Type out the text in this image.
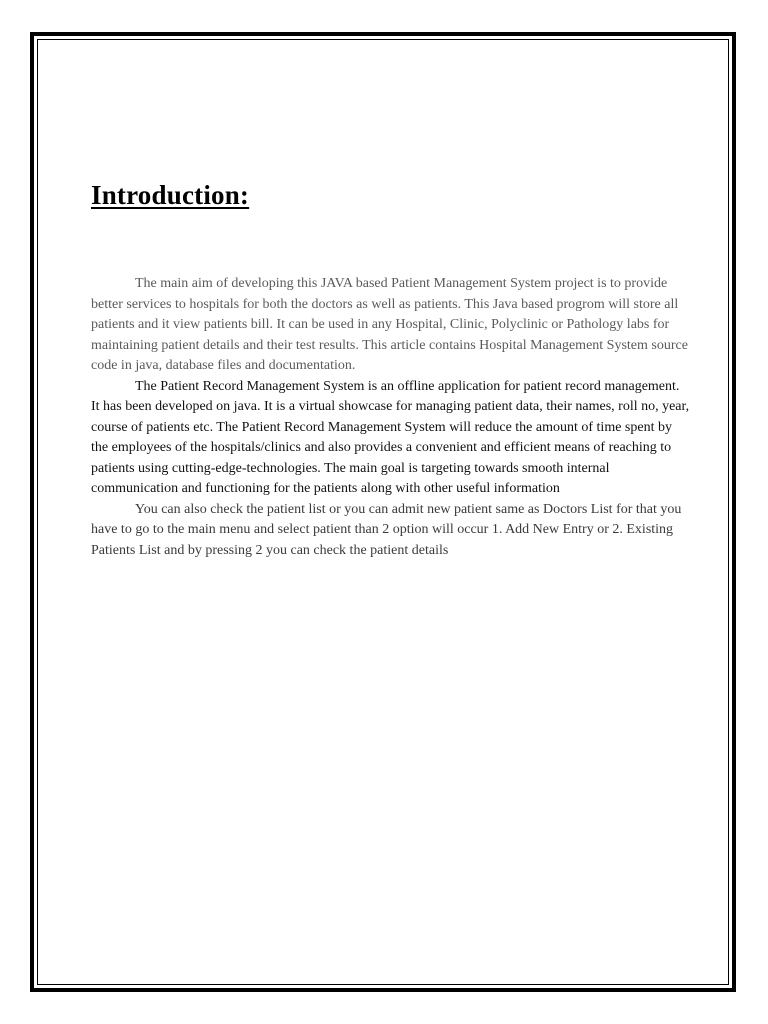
Introduction:

The main aim of developing this JAVA based Patient Management System project is to provide better services to hospitals for both the doctors as well as patients. This Java based progrom will store all patients and it view patients bill. It can be used in any Hospital, Clinic, Polyclinic or Pathology labs for maintaining patient details and their test results. This article contains Hospital Management System source code in java, database files and documentation.

The Patient Record Management System is an offline application for patient record management. It has been developed on java. It is a virtual showcase for managing patient data, their names, roll no, year, course of patients etc. The Patient Record Management System will reduce the amount of time spent by the employees of the hospitals/clinics and also provides a convenient and efficient means of reaching to patients using cutting-edge-technologies. The main goal is targeting towards smooth internal communication and functioning for the patients along with other useful information

You can also check the patient list or you can admit new patient same as Doctors List for that you have to go to the main menu and select patient than 2 option will occur 1. Add New Entry or 2. Existing Patients List and by pressing 2 you can check the patient details
